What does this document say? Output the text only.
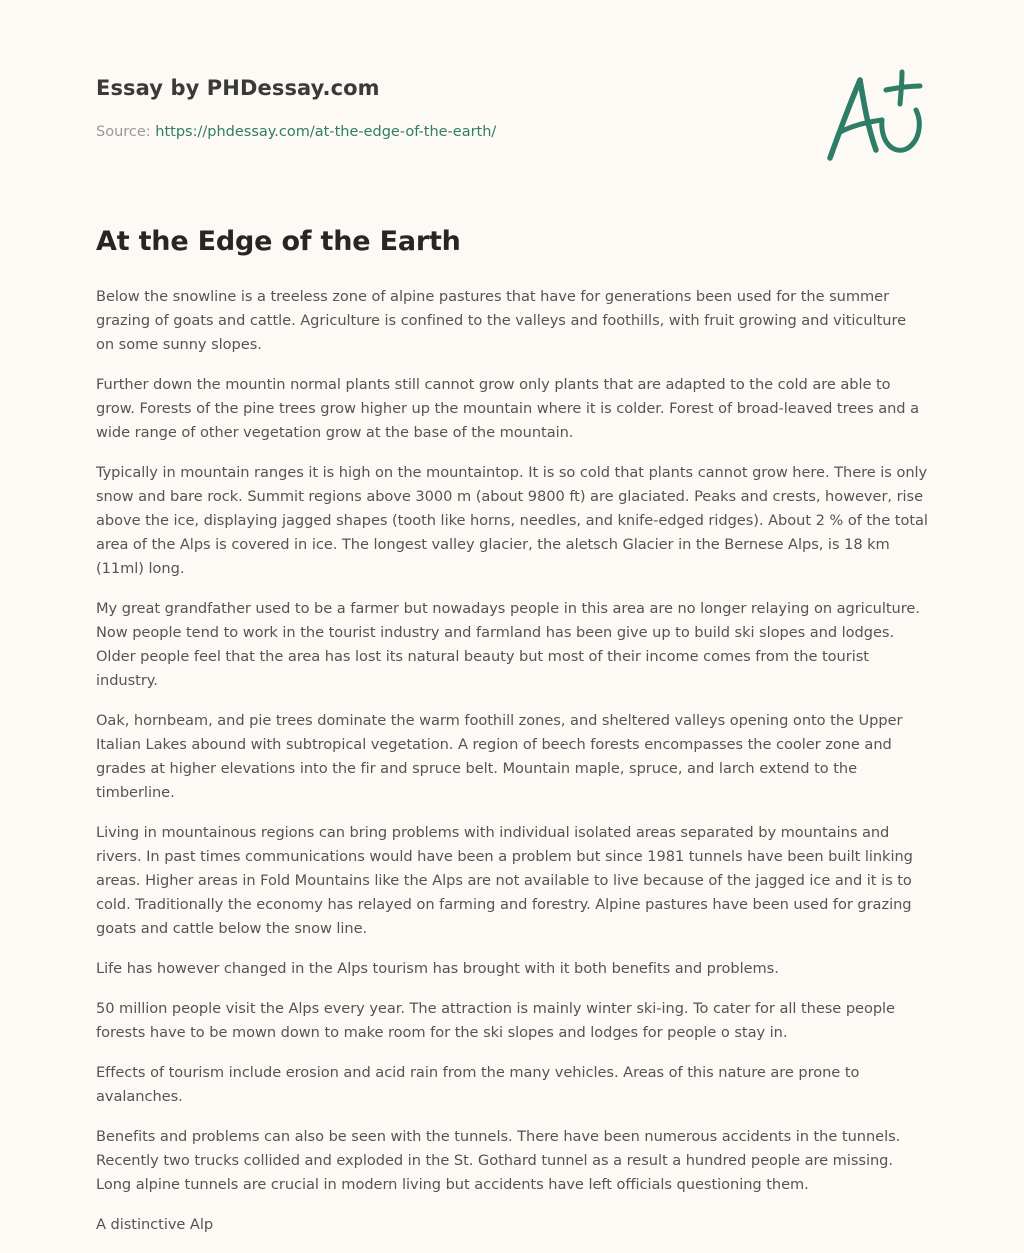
Essay by PHDessay.com
Source: https://phdessay.com/at-the-edge-of-the-earth/
At the Edge of the Earth

Below the snowline is a treeless zone of alpine pastures that have for generations been used for the summer grazing of goats and cattle. Agriculture is confined to the valleys and foothills, with fruit growing and viticulture on some sunny slopes.

Further down the mountin normal plants still cannot grow only plants that are adapted to the cold are able to grow. Forests of the pine trees grow higher up the mountain where it is colder. Forest of broad-leaved trees and a wide range of other vegetation grow at the base of the mountain.

Typically in mountain ranges it is high on the mountaintop. It is so cold that plants cannot grow here. There is only snow and bare rock. Summit regions above 3000 m (about 9800 ft) are glaciated. Peaks and crests, however, rise above the ice, displaying jagged shapes (tooth like horns, needles, and knife-edged ridges). About 2 % of the total area of the Alps is covered in ice. The longest valley glacier, the aletsch Glacier in the Bernese Alps, is 18 km (11ml) long.

My great grandfather used to be a farmer but nowadays people in this area are no longer relaying on agriculture. Now people tend to work in the tourist industry and farmland has been give up to build ski slopes and lodges. Older people feel that the area has lost its natural beauty but most of their income comes from the tourist industry.

Oak, hornbeam, and pie trees dominate the warm foothill zones, and sheltered valleys opening onto the Upper Italian Lakes abound with subtropical vegetation. A region of beech forests encompasses the cooler zone and grades at higher elevations into the fir and spruce belt. Mountain maple, spruce, and larch extend to the timberline.

Living in mountainous regions can bring problems with individual isolated areas separated by mountains and rivers. In past times communications would have been a problem but since 1981 tunnels have been built linking areas. Higher areas in Fold Mountains like the Alps are not available to live because of the jagged ice and it is to cold. Traditionally the economy has relayed on farming and forestry. Alpine pastures have been used for grazing goats and cattle below the snow line.

Life has however changed in the Alps tourism has brought with it both benefits and problems.

50 million people visit the Alps every year. The attraction is mainly winter ski-ing. To cater for all these people forests have to be mown down to make room for the ski slopes and lodges for people o stay in.

Effects of tourism include erosion and acid rain from the many vehicles. Areas of this nature are prone to avalanches.

Benefits and problems can also be seen with the tunnels. There have been numerous accidents in the tunnels. Recently two trucks collided and exploded in the St. Gothard tunnel as a result a hundred people are missing. Long alpine tunnels are crucial in modern living but accidents have left officials questioning them.

A distinctive Alp
